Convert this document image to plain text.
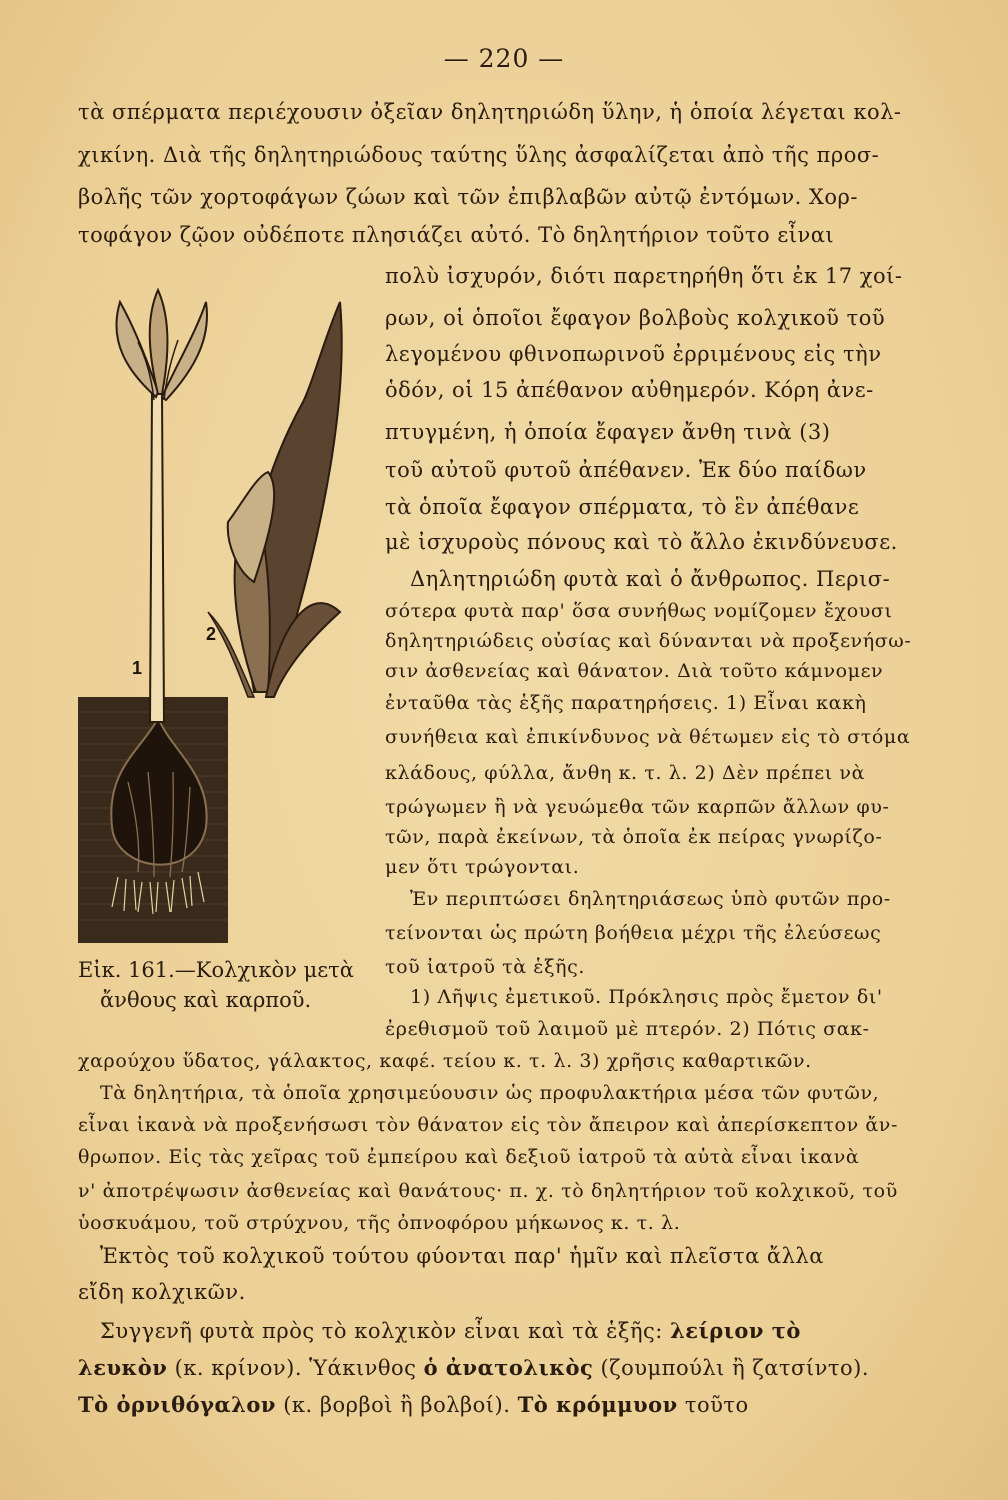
— 220 —
τὰ σπέρματα περιέχουσιν ὀξεῖαν δηλητηριώδη ὕλην, ἡ ὁποία λέγεται κολ-
χικίνη. Διὰ τῆς δηλητηριώδους ταύτης ὕλης ἀσφαλίζεται ἀπὸ τῆς προσ-
βολῆς τῶν χορτοφάγων ζώων καὶ τῶν ἐπιβλαβῶν αὐτῷ ἐντόμων. Χορ-
τοφάγον ζῷον οὐδέποτε πλησιάζει αὐτό. Τὸ δηλητήριον τοῦτο εἶναι
πολὺ ἰσχυρόν, διότι παρετηρήθη ὅτι ἐκ 17 χοί-
ρων, οἱ ὁποῖοι ἔφαγον βολβοὺς κολχικοῦ τοῦ
λεγομένου φθινοπωρινοῦ ἐρριμένους εἰς τὴν
ὁδόν, οἱ 15 ἀπέθανον αὐθημερόν. Κόρη ἀνε-
πτυγμένη, ἡ ὁποία ἔφαγεν ἄνθη τινὰ (3)
τοῦ αὐτοῦ φυτοῦ ἀπέθανεν. Ἐκ δύο παίδων
τὰ ὁποῖα ἔφαγον σπέρματα, τὸ ἓν ἀπέθανε
μὲ ἰσχυροὺς πόνους καὶ τὸ ἄλλο ἐκινδύνευσε.
Δηλητηριώδη φυτὰ καὶ ὁ ἄνθρωπος. Περισ-
σότερα φυτὰ παρ' ὅσα συνήθως νομίζομεν ἔχουσι
δηλητηριώδεις οὐσίας καὶ δύνανται νὰ προξενήσω-
σιν ἀσθενείας καὶ θάνατον. Διὰ τοῦτο κάμνομεν
ἐνταῦθα τὰς ἑξῆς παρατηρήσεις. 1) Εἶναι κακὴ
συνήθεια καὶ ἐπικίνδυνος νὰ θέτωμεν εἰς τὸ στόμα
κλάδους, φύλλα, ἄνθη κ. τ. λ. 2) Δὲν πρέπει νὰ
τρώγωμεν ἢ νὰ γευώμεθα τῶν καρπῶν ἄλλων φυ-
τῶν, παρὰ ἐκείνων, τὰ ὁποῖα ἐκ πείρας γνωρίζο-
μεν ὅτι τρώγονται.
Ἐν περιπτώσει δηλητηριάσεως ὑπὸ φυτῶν προ-
τείνονται ὡς πρώτη βοήθεια μέχρι τῆς ἐλεύσεως
τοῦ ἰατροῦ τὰ ἑξῆς.
1) Λῆψις ἐμετικοῦ. Πρόκλησις πρὸς ἔμετον δι'
ἐρεθισμοῦ τοῦ λαιμοῦ μὲ πτερόν. 2) Πότις σακ-
χαρούχου ὕδατος, γάλακτος, καφέ. τείου κ. τ. λ. 3) χρῆσις καθαρτικῶν.
Τὰ δηλητήρια, τὰ ὁποῖα χρησιμεύουσιν ὡς προφυλακτήρια μέσα τῶν φυτῶν,
εἶναι ἱκανὰ νὰ προξενήσωσι τὸν θάνατον εἰς τὸν ἄπειρον καὶ ἀπερίσκεπτον ἄν-
θρωπον. Εἰς τὰς χεῖρας τοῦ ἐμπείρου καὶ δεξιοῦ ἰατροῦ τὰ αὐτὰ εἶναι ἱκανὰ
ν' ἀποτρέψωσιν ἀσθενείας καὶ θανάτους· π. χ. τὸ δηλητήριον τοῦ κολχικοῦ, τοῦ
ὑοσκυάμου, τοῦ στρύχνου, τῆς ὀπνοφόρου μήκωνος κ. τ. λ.
Ἐκτὸς τοῦ κολχικοῦ τούτου φύονται παρ' ἡμῖν καὶ πλεῖστα ἄλλα
εἴδη κολχικῶν.
Συγγενῆ φυτὰ πρὸς τὸ κολχικὸν εἶναι καὶ τὰ ἑξῆς: λείριον τὸ
λευκὸν (κ. κρίνον). Ὑάκινθος ὁ ἀνατολικὸς (ζουμπούλι ἢ ζατσίντο).
Τὸ ὀρνιθόγαλον (κ. βορβοὶ ἢ βολβοί). Τὸ κρόμμυον τοῦτο
2
1
Εἰκ. 161.—Κολχικὸν μετὰ
ἄνθους καὶ καρποῦ.
